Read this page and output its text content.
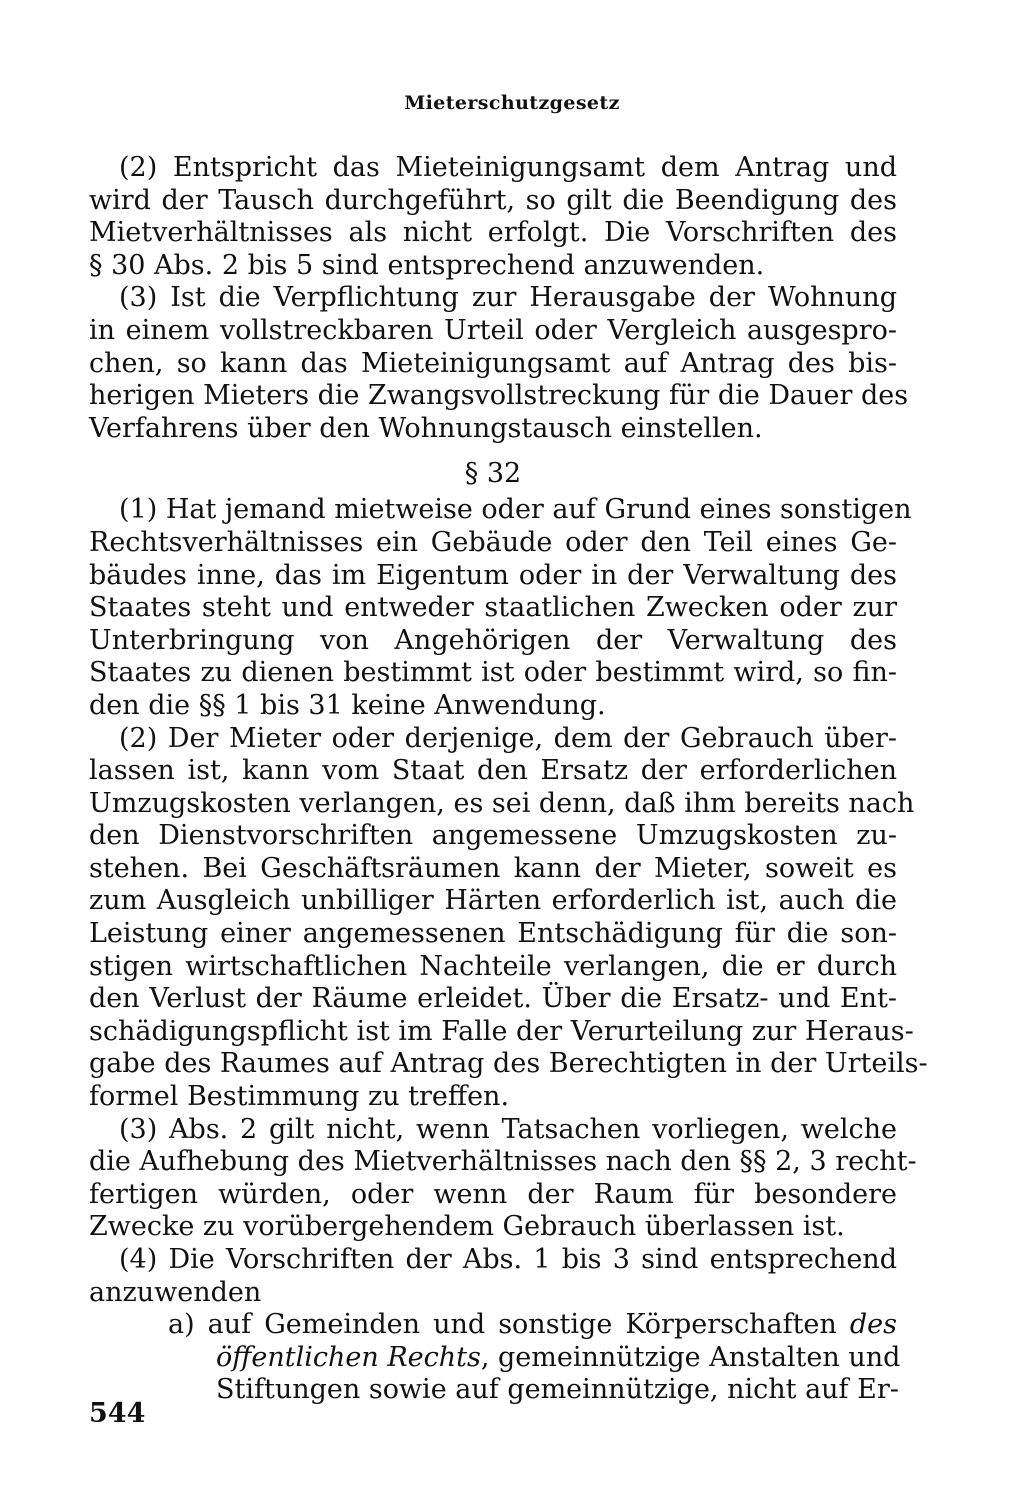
Mieterschutzgesetz
(2) Entspricht das Mieteinigungsamt dem Antrag und
wird der Tausch durchgeführt, so gilt die Beendigung des
Mietverhältnisses als nicht erfolgt. Die Vorschriften des
§ 30 Abs. 2 bis 5 sind entsprechend anzuwenden.
(3) Ist die Verpflichtung zur Herausgabe der Wohnung
in einem vollstreckbaren Urteil oder Vergleich ausgespro-
chen, so kann das Mieteinigungsamt auf Antrag des bis-
herigen Mieters die Zwangsvollstreckung für die Dauer des
Verfahrens über den Wohnungstausch einstellen.
§ 32
(1) Hat jemand mietweise oder auf Grund eines sonstigen
Rechtsverhältnisses ein Gebäude oder den Teil eines Ge-
bäudes inne, das im Eigentum oder in der Verwaltung des
Staates steht und entweder staatlichen Zwecken oder zur
Unterbringung von Angehörigen der Verwaltung des
Staates zu dienen bestimmt ist oder bestimmt wird, so fin-
den die §§ 1 bis 31 keine Anwendung.
(2) Der Mieter oder derjenige, dem der Gebrauch über-
lassen ist, kann vom Staat den Ersatz der erforderlichen
Umzugskosten verlangen, es sei denn, daß ihm bereits nach
den Dienstvorschriften angemessene Umzugskosten zu-
stehen. Bei Geschäftsräumen kann der Mieter, soweit es
zum Ausgleich unbilliger Härten erforderlich ist, auch die
Leistung einer angemessenen Entschädigung für die son-
stigen wirtschaftlichen Nachteile verlangen, die er durch
den Verlust der Räume erleidet. Über die Ersatz- und Ent-
schädigungspflicht ist im Falle der Verurteilung zur Heraus-
gabe des Raumes auf Antrag des Berechtigten in der Urteils-
formel Bestimmung zu treffen.
(3) Abs. 2 gilt nicht, wenn Tatsachen vorliegen, welche
die Aufhebung des Mietverhältnisses nach den §§ 2, 3 recht-
fertigen würden, oder wenn der Raum für besondere
Zwecke zu vorübergehendem Gebrauch überlassen ist.
(4) Die Vorschriften der Abs. 1 bis 3 sind entsprechend
anzuwenden
a) auf Gemeinden und sonstige Körperschaften des
öffentlichen Rechts, gemeinnützige Anstalten und
Stiftungen sowie auf gemeinnützige, nicht auf Er-
544
